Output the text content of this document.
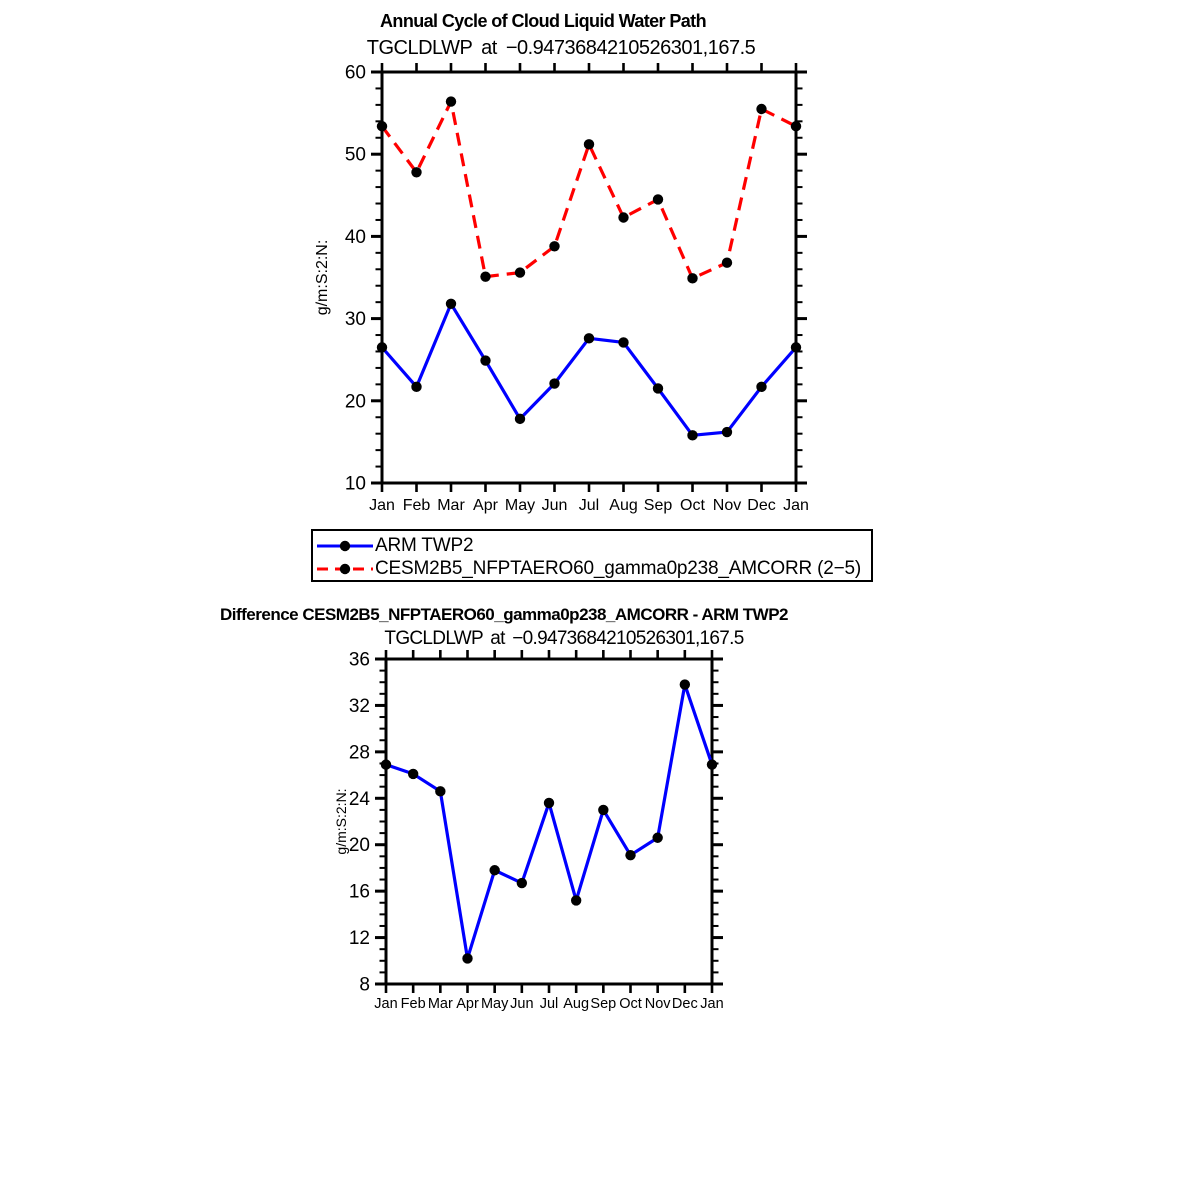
Annual Cycle of Cloud Liquid Water Path
TGCLDLWP at −0.9473684210526301,167.5
Jan Feb Mar Apr May Jun Jul Aug Sep Oct Nov Dec Jan
10
20
30
40
50
60
g/m:S:2:N:
ARM TWP2
CESM2B5_NFPTAERO60_gamma0p238_AMCORR (2−5)
Difference CESM2B5_NFPTAERO60_gamma0p238_AMCORR - ARM TWP2
TGCLDLWP at −0.9473684210526301,167.5
Jan Feb Mar Apr May Jun Jul Aug Sep Oct Nov Dec Jan
8
12
16
20
24
28
32
36
g/m:S:2:N:
